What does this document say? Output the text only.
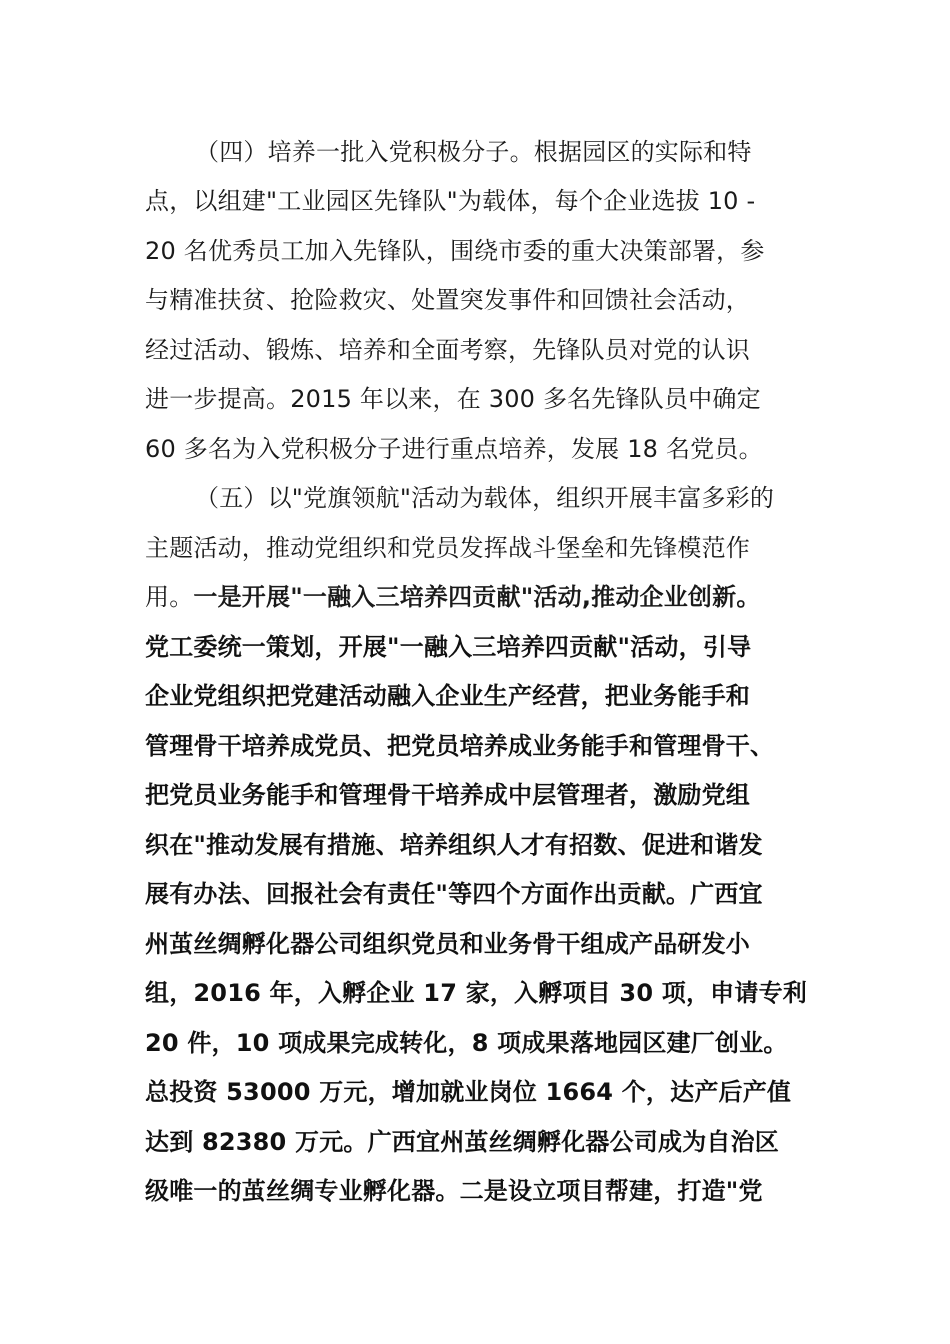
（四）培养一批入党积极分子。根据园区的实际和特
点，以组建"工业园区先锋队"为载体，每个企业选拔 10 -
20 名优秀员工加入先锋队，围绕市委的重大决策部署，参
与精准扶贫、抢险救灾、处置突发事件和回馈社会活动，
经过活动、锻炼、培养和全面考察，先锋队员对党的认识
进一步提高。2015 年以来，在 300 多名先锋队员中确定
60 多名为入党积极分子进行重点培养，发展 18 名党员。
（五）以"党旗领航"活动为载体，组织开展丰富多彩的
主题活动，推动党组织和党员发挥战斗堡垒和先锋模范作
用。一是开展"一融入三培养四贡献"活动,推动企业创新。
党工委统一策划，开展"一融入三培养四贡献"活动，引导
企业党组织把党建活动融入企业生产经营，把业务能手和
管理骨干培养成党员、把党员培养成业务能手和管理骨干、
把党员业务能手和管理骨干培养成中层管理者，激励党组
织在"推动发展有措施、培养组织人才有招数、促进和谐发
展有办法、回报社会有责任"等四个方面作出贡献。广西宜
州茧丝绸孵化器公司组织党员和业务骨干组成产品研发小
组，2016 年，入孵企业 17 家，入孵项目 30 项，申请专利
20 件，10 项成果完成转化，8 项成果落地园区建厂创业。
总投资 53000 万元，增加就业岗位 1664 个，达产后产值
达到 82380 万元。广西宜州茧丝绸孵化器公司成为自治区
级唯一的茧丝绸专业孵化器。二是设立项目帮建，打造"党
